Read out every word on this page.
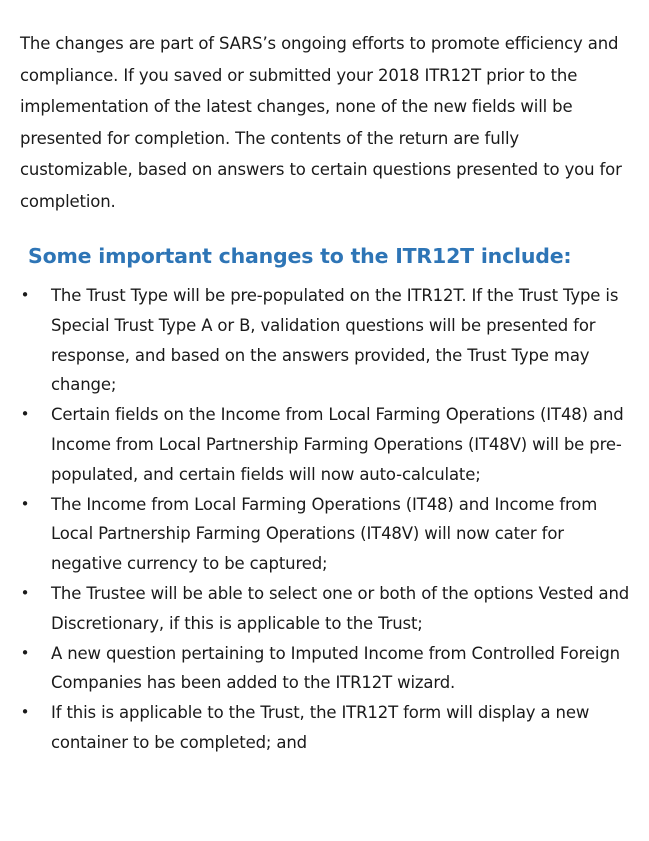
The changes are part of SARS’s ongoing efforts to promote efficiency and compliance. If you saved or submitted your 2018 ITR12T prior to the implementation of the latest changes, none of the new fields will be presented for completion. The contents of the return are fully customizable, based on answers to certain questions presented to you for completion.

Some important changes to the ITR12T include:
• The Trust Type will be pre-populated on the ITR12T. If the Trust Type is Special Trust Type A or B, validation questions will be presented for response, and based on the answers provided, the Trust Type may change;
• Certain fields on the Income from Local Farming Operations (IT48) and Income from Local Partnership Farming Operations (IT48V) will be pre-populated, and certain fields will now auto-calculate;
• The Income from Local Farming Operations (IT48) and Income from Local Partnership Farming Operations (IT48V) will now cater for negative currency to be captured;
• The Trustee will be able to select one or both of the options Vested and Discretionary, if this is applicable to the Trust;
• A new question pertaining to Imputed Income from Controlled Foreign Companies has been added to the ITR12T wizard.
• If this is applicable to the Trust, the ITR12T form will display a new container to be completed; and
